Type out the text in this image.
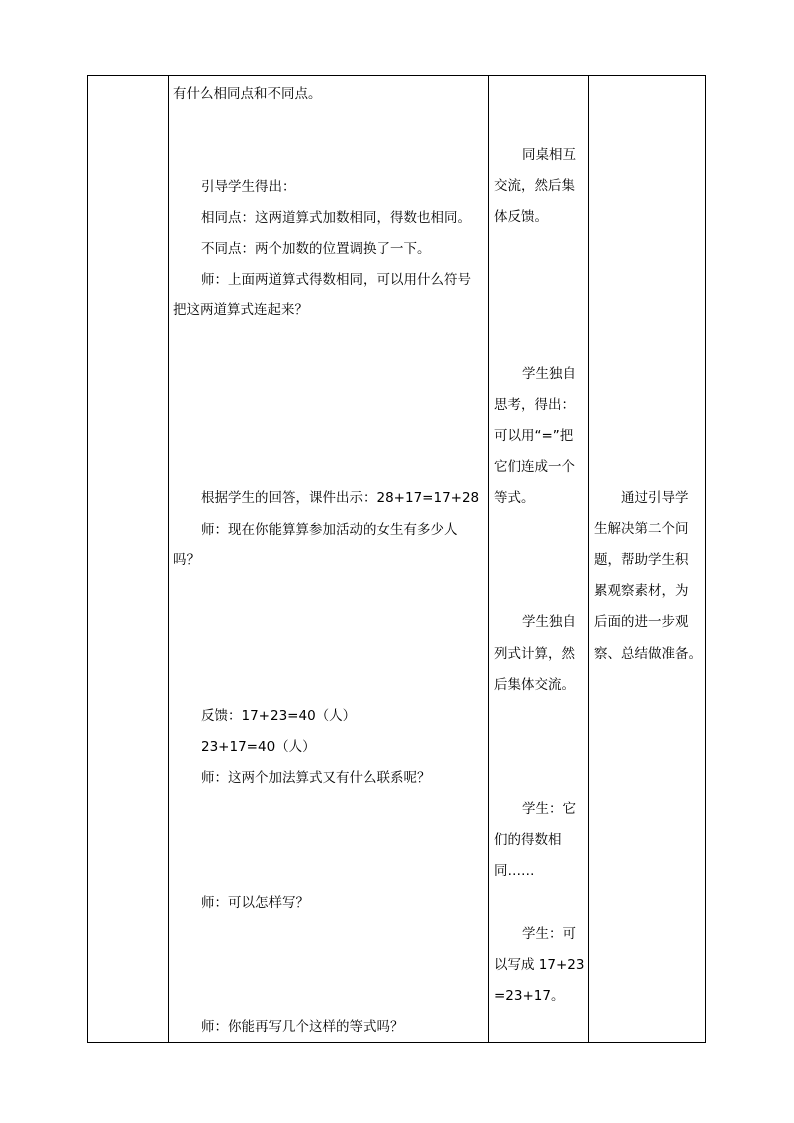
有什么相同点和不同点。
引导学生得出：
相同点：这两道算式加数相同，得数也相同。
不同点：两个加数的位置调换了一下。
师：上面两道算式得数相同，可以用什么符号
把这两道算式连起来？
根据学生的回答，课件出示：28+17=17+28
师：现在你能算算参加活动的女生有多少人
吗？
反馈：17+23=40（人）
23+17=40（人）
师：这两个加法算式又有什么联系呢？
师：可以怎样写？
师：你能再写几个这样的等式吗？
同桌相互
交流，然后集
体反馈。
学生独自
思考，得出：
可以用“=”把
它们连成一个
等式。
学生独自
列式计算，然
后集体交流。
学生：它
们的得数相
同……
学生：可
以写成 17+23
=23+17。
通过引导学
生解决第二个问
题，帮助学生积
累观察素材，为
后面的进一步观
察、总结做准备。
